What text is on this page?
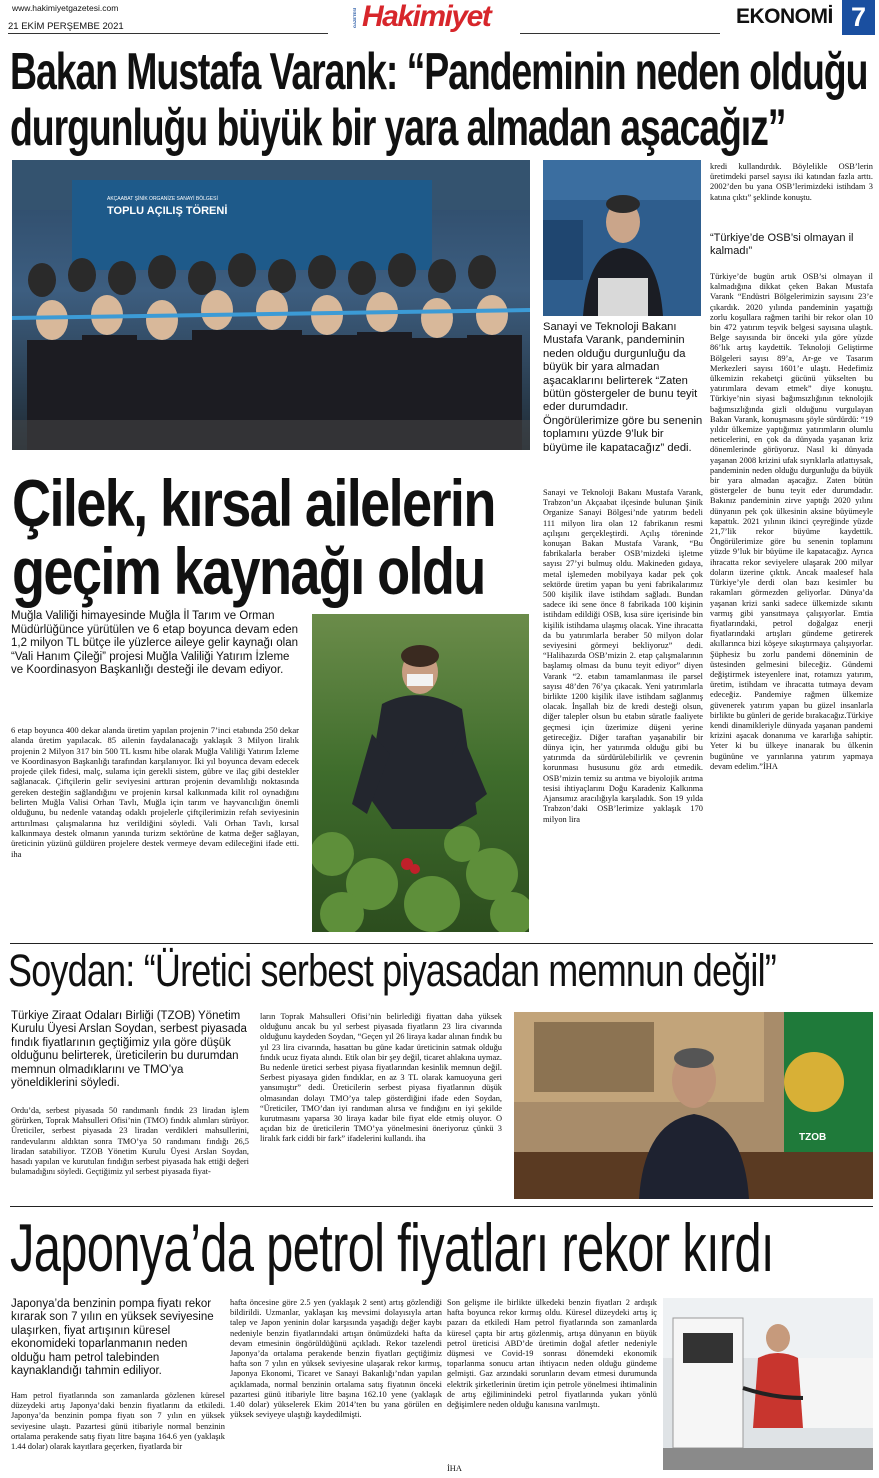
www.hakimiyetgazetesi.com
21 EKİM PERŞEMBE 2021	GAZETESİ Hakimiyet	EKONOMİ 7
Bakan Mustafa Varank: “Pandeminin neden olduğu
durgunluğu büyük bir yara almadan aşacağız”
TOPLU AÇILIŞ TÖRENİ
AKÇAABAT ŞİNİK ORGANİZE SANAYİ BÖLGESİ
Sanayi ve Teknoloji Bakanı Mustafa Varank, pandeminin neden olduğu durgunluğu da büyük bir yara almadan aşacaklarını belirterek “Zaten bütün göstergeler de bunu teyit eder durumdadır. Öngörülerimize göre bu senenin toplamını yüzde 9’luk bir büyüme ile kapatacağız” dedi.
Sanayi ve Teknoloji Bakanı Mustafa Varank, Trabzon’un Akçaabat ilçesinde bulunan Şinik Organize Sanayi Bölgesi’nde yatırım bedeli 111 milyon lira olan 12 fabrikanın resmi açılışını gerçekleştirdi. Açılış töreninde konuşan Bakan Mustafa Varank, “Bu fabrikalarla beraber OSB’mizdeki işletme sayısı 27’yi bulmuş oldu. Makineden gıdaya, metal işlemeden mobilyaya kadar pek çok sektörde üretim yapan bu yeni fabrikalarımız 500 kişilik ilave istihdam sağladı. Bundan sadece iki sene önce 8 fabrikada 100 kişinin istihdam edildiği OSB, kısa süre içerisinde bin kişilik istihdama ulaşmış olacak. Yine ihracatta da bu yatırımlarla beraber 50 milyon dolar seviyesini görmeyi bekliyoruz” dedi. “Halihazırda OSB’mizin 2. etap çalışmalarının başlamış olması da bunu teyit ediyor” diyen Varank “2. etabın tamamlanması ile parsel sayısı 48’den 76’ya çıkacak. Yeni yatırımlarla birlikte 1200 kişilik ilave istihdam sağlanmış olacak. İnşallah biz de kredi desteği olsun, diğer talepler olsun bu etabın süratle faaliyete geçmesi için üzerimize düşeni yerine getireceğiz. Diğer taraftan yaşanabilir bir dünya için, her yatırımda olduğu gibi bu yatırımda da sürdürülebilirlik ve çevrenin korunması hususunu göz ardı etmedik. OSB’mizin temiz su arıtma ve biyolojik arıtma tesisi ihtiyaçlarını Doğu Karadeniz Kalkınma Ajansımız aracılığıyla karşıladık. Son 19 yılda Trabzon’daki OSB’lerimize yaklaşık 170 milyon lira
kredi kullandırdık. Böylelikle OSB’lerin üretimdeki parsel sayısı iki katından fazla arttı. 2002’den bu yana OSB’lerimizdeki istihdam 3 katına çıktı” şeklinde konuştu.
“Türkiye’de OSB’si olmayan il kalmadı”
Türkiye’de bugün artık OSB’si olmayan il kalmadığına dikkat çeken Bakan Mustafa Varank “Endüstri Bölgelerimizin sayısını 23’e çıkardık. 2020 yılında pandeminin yaşattığı zorlu koşullara rağmen tarihi bir rekor olan 10 bin 472 yatırım teşvik belgesi sayısına ulaştık. Belge sayısında bir önceki yıla göre yüzde 86’lık artış kaydettik. Teknoloji Geliştirme Bölgeleri sayısı 89’a, Ar-ge ve Tasarım Merkezleri sayısı 1601’e ulaştı. Hedefimiz ülkemizin rekabetçi gücünü yükselten bu yatırımlara devam etmek” diye konuştu. Türkiye’nin siyasi bağımsızlığının teknolojik bağımsızlığında gizli olduğunu vurgulayan Bakan Varank, konuşmasını şöyle sürdürdü: “19 yıldır ülkemize yaptığımız yatırımların olumlu neticelerini, en çok da dünyada yaşanan kriz dönemlerinde görüyoruz. Nasıl ki dünyada yaşanan 2008 krizini ufak sıyrıklarla atlattıysak, pandeminin neden olduğu durgunluğu da büyük bir yara almadan aşacağız. Zaten bütün göstergeler de bunu teyit eder durumdadır. Bakınız pandeminin zirve yaptığı 2020 yılını dünyanın pek çok ülkesinin aksine büyümeyle kapattık. 2021 yılının ikinci çeyreğinde yüzde 21,7’lik rekor büyüme kaydettik. Öngörülerimize göre bu senenin toplamını yüzde 9’luk bir büyüme ile kapatacağız. Ayrıca ihracatta rekor seviyelere ulaşarak 200 milyar doların üzerine çıktık. Ancak maalesef hala Türkiye’yle derdi olan bazı kesimler bu rakamları görmezden geliyorlar. Dünya’da yaşanan krizi sanki sadece ülkemizde sıkıntı varmış gibi yansıtmaya çalışıyorlar. Emtia fiyatlarındaki, petrol doğalgaz enerji fiyatlarındaki artışları gündeme getirerek akıllarınca bizi köşeye sıkıştırmaya çalışıyorlar. Şüphesiz bu zorlu pandemi döneminin de üstesinden gelmesini bileceğiz. Gündemi değiştirmek isteyenlere inat, rotamızı yatırım, üretim, istihdam ve ihracatta tutmaya devam edeceğiz. Pandemiye rağmen ülkemize güvenerek yatırım yapan bu güzel insanlarla birlikte bu günleri de geride bırakacağız.Türkiye kendi dinamikleriyle dünyada yaşanan pandemi krizini aşacak donanıma ve kararlığa sahiptir. Yeter ki bu ülkeye inanarak bu ülkenin bugününe ve yarınlarına yatırım yapmaya devam edelim.”İHA
Çilek, kırsal ailelerin
geçim kaynağı oldu
Muğla Valiliği himayesinde Muğla İl Tarım ve Orman Müdürlüğünce yürütülen ve 6 etap boyunca devam eden 1,2 milyon TL bütçe ile yüzlerce aileye gelir kaynağı olan “Vali Hanım Çileği” projesi Muğla Valiliği Yatırım İzleme ve Koordinasyon Başkanlığı desteği ile devam ediyor.
6 etap boyunca 400 dekar alanda üretim yapılan projenin 7’inci etabında 250 dekar alanda üretim yapılacak. 85 ailenin faydalanacağı yaklaşık 3 Milyon liralık projenin 2 Milyon 317 bin 500 TL kısmı hibe olarak Muğla Valiliği Yatırım İzleme ve Koordinasyon Başkanlığı tarafından karşılanıyor. İki yıl boyunca devam edecek projede çilek fidesi, malç, sulama için gerekli sistem, gübre ve ilaç gibi destekler sağlanacak. Çiftçilerin gelir seviyesini arttıran projenin devamlılığı noktasında gereken desteğin sağlandığını ve projenin kırsal kalkınmada kilit rol oynadığını belirten Muğla Valisi Orhan Tavlı, Muğla için tarım ve hayvancılığın önemli olduğunu, bu nedenle vatandaş odaklı projelerle çiftçilerimizin refah seviyesinin arttırılması çalışmalarına hız verildiğini söyledi. Vali Orhan Tavlı, kırsal kalkınmaya destek olmanın yanında turizm sektörüne de katma değer sağlayan, üreticinin yüzünü güldüren projelere destek vermeye devam edileceğini ifade etti. iha
Soydan: “Üretici serbest piyasadan memnun değil”
Türkiye Ziraat Odaları Birliği (TZOB) Yönetim Kurulu Üyesi Arslan Soydan, serbest piyasada fındık fiyatlarının geçtiğimiz yıla göre düşük olduğunu belirterek, üreticilerin bu durumdan memnun olmadıklarını ve TMO’ya yöneldiklerini söyledi.
Ordu’da, serbest piyasada 50 randımanlı fındık 23 liradan işlem görürken, Toprak Mahsulleri Ofisi’nin (TMO) fındık alımları sürüyor. Üreticiler, serbest piyasada 23 liradan verdikleri mahsullerini, randevularını aldıktan sonra TMO’ya 50 randımanı fındığı 26,5 liradan satabiliyor. TZOB Yönetim Kurulu Üyesi Arslan Soydan, hasadı yapılan ve kurutulan fındığın serbest piyasada hak ettiği değeri bulamadığını söyledi. Geçtiğimiz yıl serbest piyasada fiyat-
ların Toprak Mahsulleri Ofisi’nin belirlediği fiyattan daha yüksek olduğunu ancak bu yıl serbest piyasada fiyatların 23 lira civarında olduğunu kaydeden Soydan, “Geçen yıl 26 liraya kadar alınan fındık bu yıl 23 lira civarında, hasattan bu güne kadar üreticinin satmak olduğu fındık ucuz fiyata alındı. Etik olan bir şey değil, ticaret ahlakına uymaz. Bu nedenle üretici serbest piyasa fiyatlarından kesinlik memnun değil. Serbest piyasaya giden fındıklar, en az 3 TL olarak kamuoyuna geri yansımıştır” dedi. Üreticilerin serbest piyasa fiyatlarının düşük olmasından dolayı TMO’ya talep gösterdiğini ifade eden Soydan, “Üreticiler, TMO’dan iyi randıman alırsa ve fındığını en iyi şekilde kurutmasını yaparsa 30 liraya kadar bile fiyat elde etmiş oluyor. O açıdan biz de üreticilerin TMO’ya yönelmesini öneriyoruz çünkü 3 liralık fark ciddi bir fark” ifadelerini kullandı. iha	TZOB
Japonya’da petrol fiyatları rekor kırdı
Japonya’da benzinin pompa fiyatı rekor kırarak son 7 yılın en yüksek seviyesine ulaşırken, fiyat artışının küresel ekonomideki toparlanmanın neden olduğu ham petrol talebinden kaynaklandığı tahmin ediliyor.
Ham petrol fiyatlarında son zamanlarda gözlenen küresel düzeydeki artış Japonya’daki benzin fiyatlarını da etkiledi. Japonya’da benzinin pompa fiyatı son 7 yılın en yüksek seviyesine ulaştı. Pazartesi günü itibariyle normal benzinin ortalama perakende satış fiyatı litre başına 164.6 yen (yaklaşık 1.44 dolar) olarak kayıtlara geçerken, fiyatlarda bir
hafta öncesine göre 2.5 yen (yaklaşık 2 sent) artış gözlendiği bildirildi. Uzmanlar, yaklaşan kış mevsimi dolayısıyla artan talep ve Japon yeninin dolar karşısında yaşadığı değer kaybı nedeniyle benzin fiyatlarındaki artışın önümüzdeki hafta da devam etmesinin öngörüldüğünü açıkladı. Rekor tazelendi Japonya’da ortalama perakende benzin fiyatları geçtiğimiz hafta son 7 yılın en yüksek seviyesine ulaşarak rekor kırmış, Japonya Ekonomi, Ticaret ve Sanayi Bakanlığı’ndan yapılan açıklamada, normal benzinin ortalama satış fiyatının önceki pazartesi günü itibariyle litre başına 162.10 yene (yaklaşık 1.40 dolar) yükselerek Ekim 2014’ten bu yana görülen en yüksek seviyeye ulaştığı kaydedilmişti.
Son gelişme ile birlikte ülkedeki benzin fiyatları 2 ardışık hafta boyunca rekor kırmış oldu. Küresel düzeydeki artış iç pazarı da etkiledi Ham petrol fiyatlarında son zamanlarda küresel çapta bir artış gözlenmiş, artışa dünyanın en büyük petrol üreticisi ABD’de üretimin doğal afetler nedeniyle düşmesi ve Covid-19 sonrası dönemdeki ekonomik toparlanma sonucu artan ihtiyacın neden olduğu gündeme gelmişti. Gaz arzındaki sorunların devam etmesi durumunda elektrik şirketlerinin üretim için petrole yönelmesi ihtimalinin de artış eğiliminindeki petrol fiyatlarında yukarı yönlü değişimlere neden olduğu kanısına varılmıştı.
İHA
